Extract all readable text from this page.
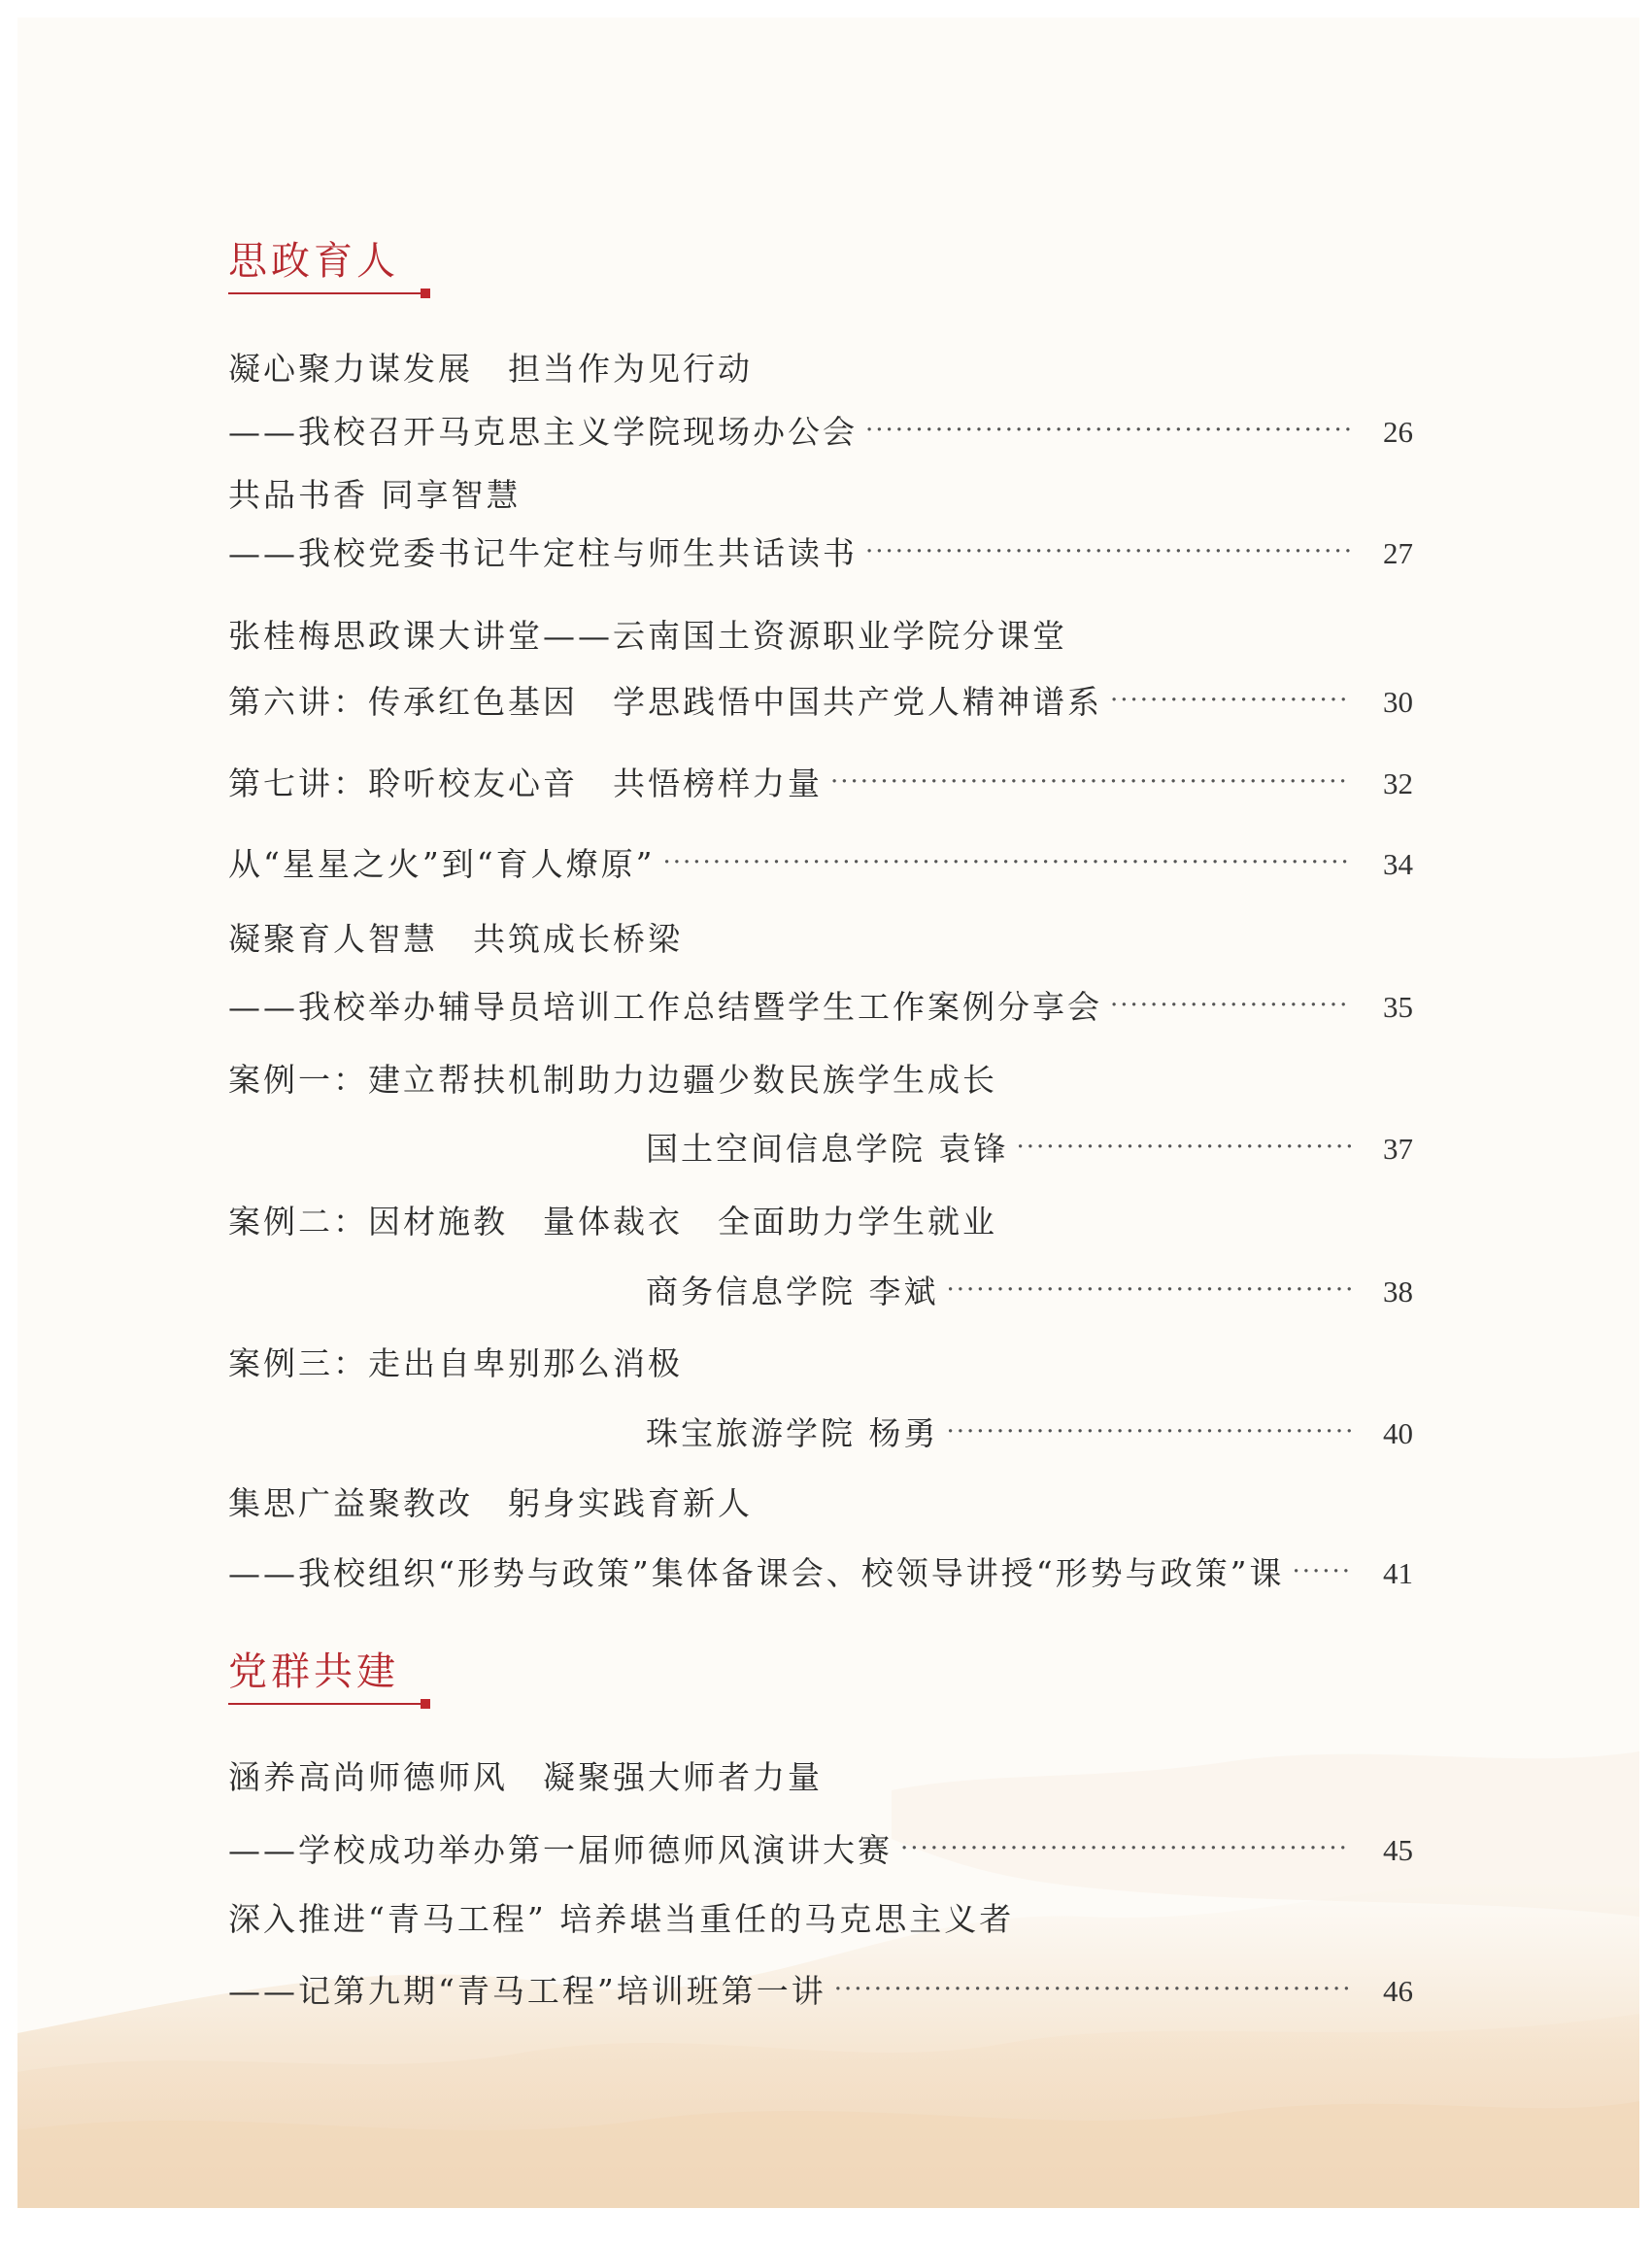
思政育人
凝心聚力谋发展　担当作为见行动
——我校召开马克思主义学院现场办公会 ·····	26
共品书香 同享智慧
——我校党委书记牛定柱与师生共话读书 ·····	27
张桂梅思政课大讲堂——云南国土资源职业学院分课堂
第六讲：传承红色基因　学思践悟中国共产党人精神谱系 ·····	30
第七讲：聆听校友心音　共悟榜样力量 ·····	32
从“星星之火”到“育人燎原” ·····	34
凝聚育人智慧　共筑成长桥梁
——我校举办辅导员培训工作总结暨学生工作案例分享会 ·····	35
案例一：建立帮扶机制助力边疆少数民族学生成长
国土空间信息学院 袁锋 ·····	37
案例二：因材施教　量体裁衣　全面助力学生就业
商务信息学院 李斌 ·····	38
案例三：走出自卑别那么消极
珠宝旅游学院 杨勇 ·····	40
集思广益聚教改　躬身实践育新人
——我校组织“形势与政策”集体备课会、校领导讲授“形势与政策”课 ·····	41
党群共建
涵养高尚师德师风　凝聚强大师者力量
——学校成功举办第一届师德师风演讲大赛 ·····	45
深入推进“青马工程” 培养堪当重任的马克思主义者
——记第九期“青马工程”培训班第一讲 ·····	46
